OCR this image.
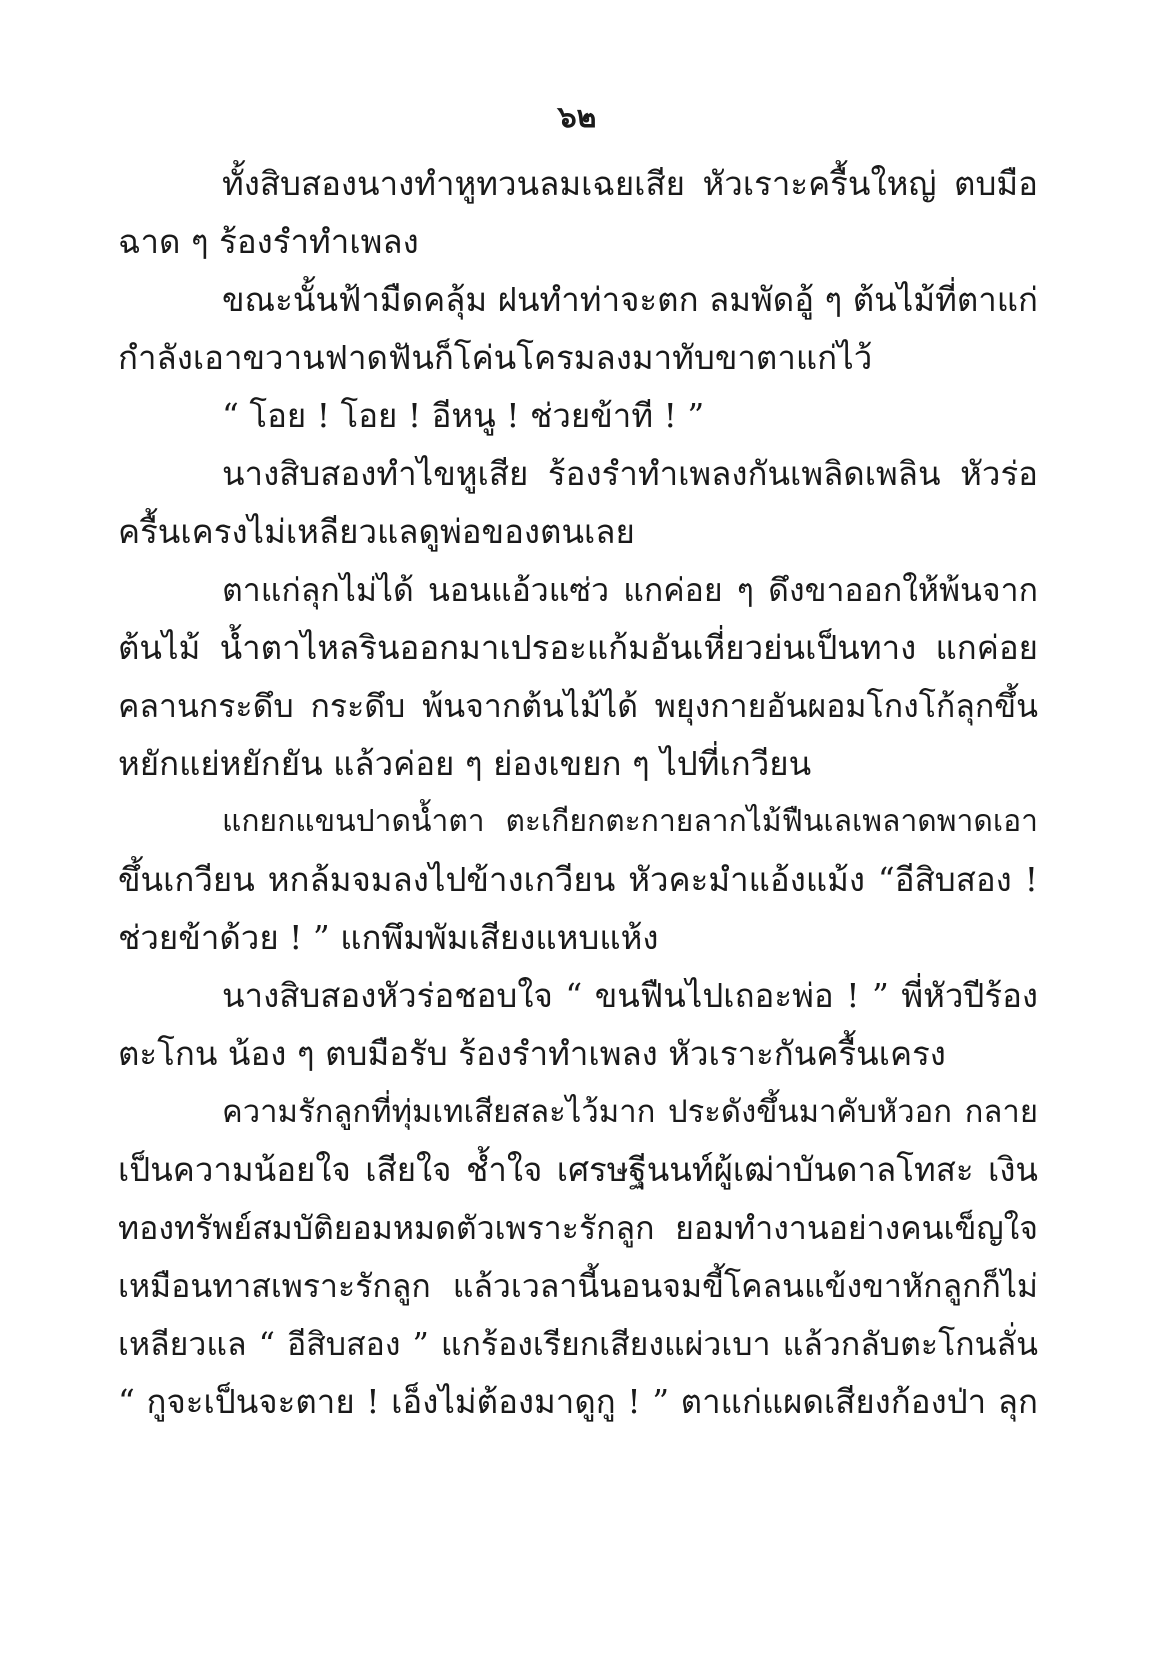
๖๒
ทั้งสิบสองนางทำหูทวนลมเฉยเสีย หัวเราะครื้นใหญ่ ตบมือ
ฉาด ๆ ร้องรำทำเพลง
ขณะนั้นฟ้ามืดคลุ้ม ฝนทำท่าจะตก ลมพัดอู้ ๆ ต้นไม้ที่ตาแก่
กำลังเอาขวานฟาดฟันก็โค่นโครมลงมาทับขาตาแก่ไว้
“ โอย ! โอย ! อีหนู ! ช่วยข้าที ! ”
นางสิบสองทำไขหูเสีย ร้องรำทำเพลงกันเพลิดเพลิน หัวร่อ
ครื้นเครงไม่เหลียวแลดูพ่อของตนเลย
ตาแก่ลุกไม่ได้ นอนแอ้วแซ่ว แกค่อย ๆ ดึงขาออกให้พ้นจาก
ต้นไม้ น้ำตาไหลรินออกมาเปรอะแก้มอันเหี่ยวย่นเป็นทาง แกค่อย
คลานกระดึบ กระดึบ พ้นจากต้นไม้ได้ พยุงกายอันผอมโกงโก้ลุกขึ้น
หยักแย่หยักยัน แล้วค่อย ๆ ย่องเขยก ๆ ไปที่เกวียน
แกยกแขนปาดน้ำตา ตะเกียกตะกายลากไม้ฟืนเลเพลาดพาดเอา
ขึ้นเกวียน หกล้มจมลงไปข้างเกวียน หัวคะมำแอ้งแม้ง “อีสิบสอง !
ช่วยข้าด้วย ! ” แกพึมพัมเสียงแหบแห้ง
นางสิบสองหัวร่อชอบใจ “ ขนฟืนไปเถอะพ่อ ! ” พี่หัวปีร้อง
ตะโกน น้อง ๆ ตบมือรับ ร้องรำทำเพลง หัวเราะกันครื้นเครง
ความรักลูกที่ทุ่มเทเสียสละไว้มาก ประดังขึ้นมาคับหัวอก กลาย
เป็นความน้อยใจ เสียใจ ช้ำใจ เศรษฐีนนท์ผู้เฒ่าบันดาลโทสะ เงิน
ทองทรัพย์สมบัติยอมหมดตัวเพราะรักลูก ยอมทำงานอย่างคนเข็ญใจ
เหมือนทาสเพราะรักลูก แล้วเวลานี้นอนจมขี้โคลนแข้งขาหักลูกก็ไม่
เหลียวแล “ อีสิบสอง ” แกร้องเรียกเสียงแผ่วเบา แล้วกลับตะโกนลั่น
“ กูจะเป็นจะตาย ! เอ็งไม่ต้องมาดูกู ! ” ตาแก่แผดเสียงก้องป่า ลุก
